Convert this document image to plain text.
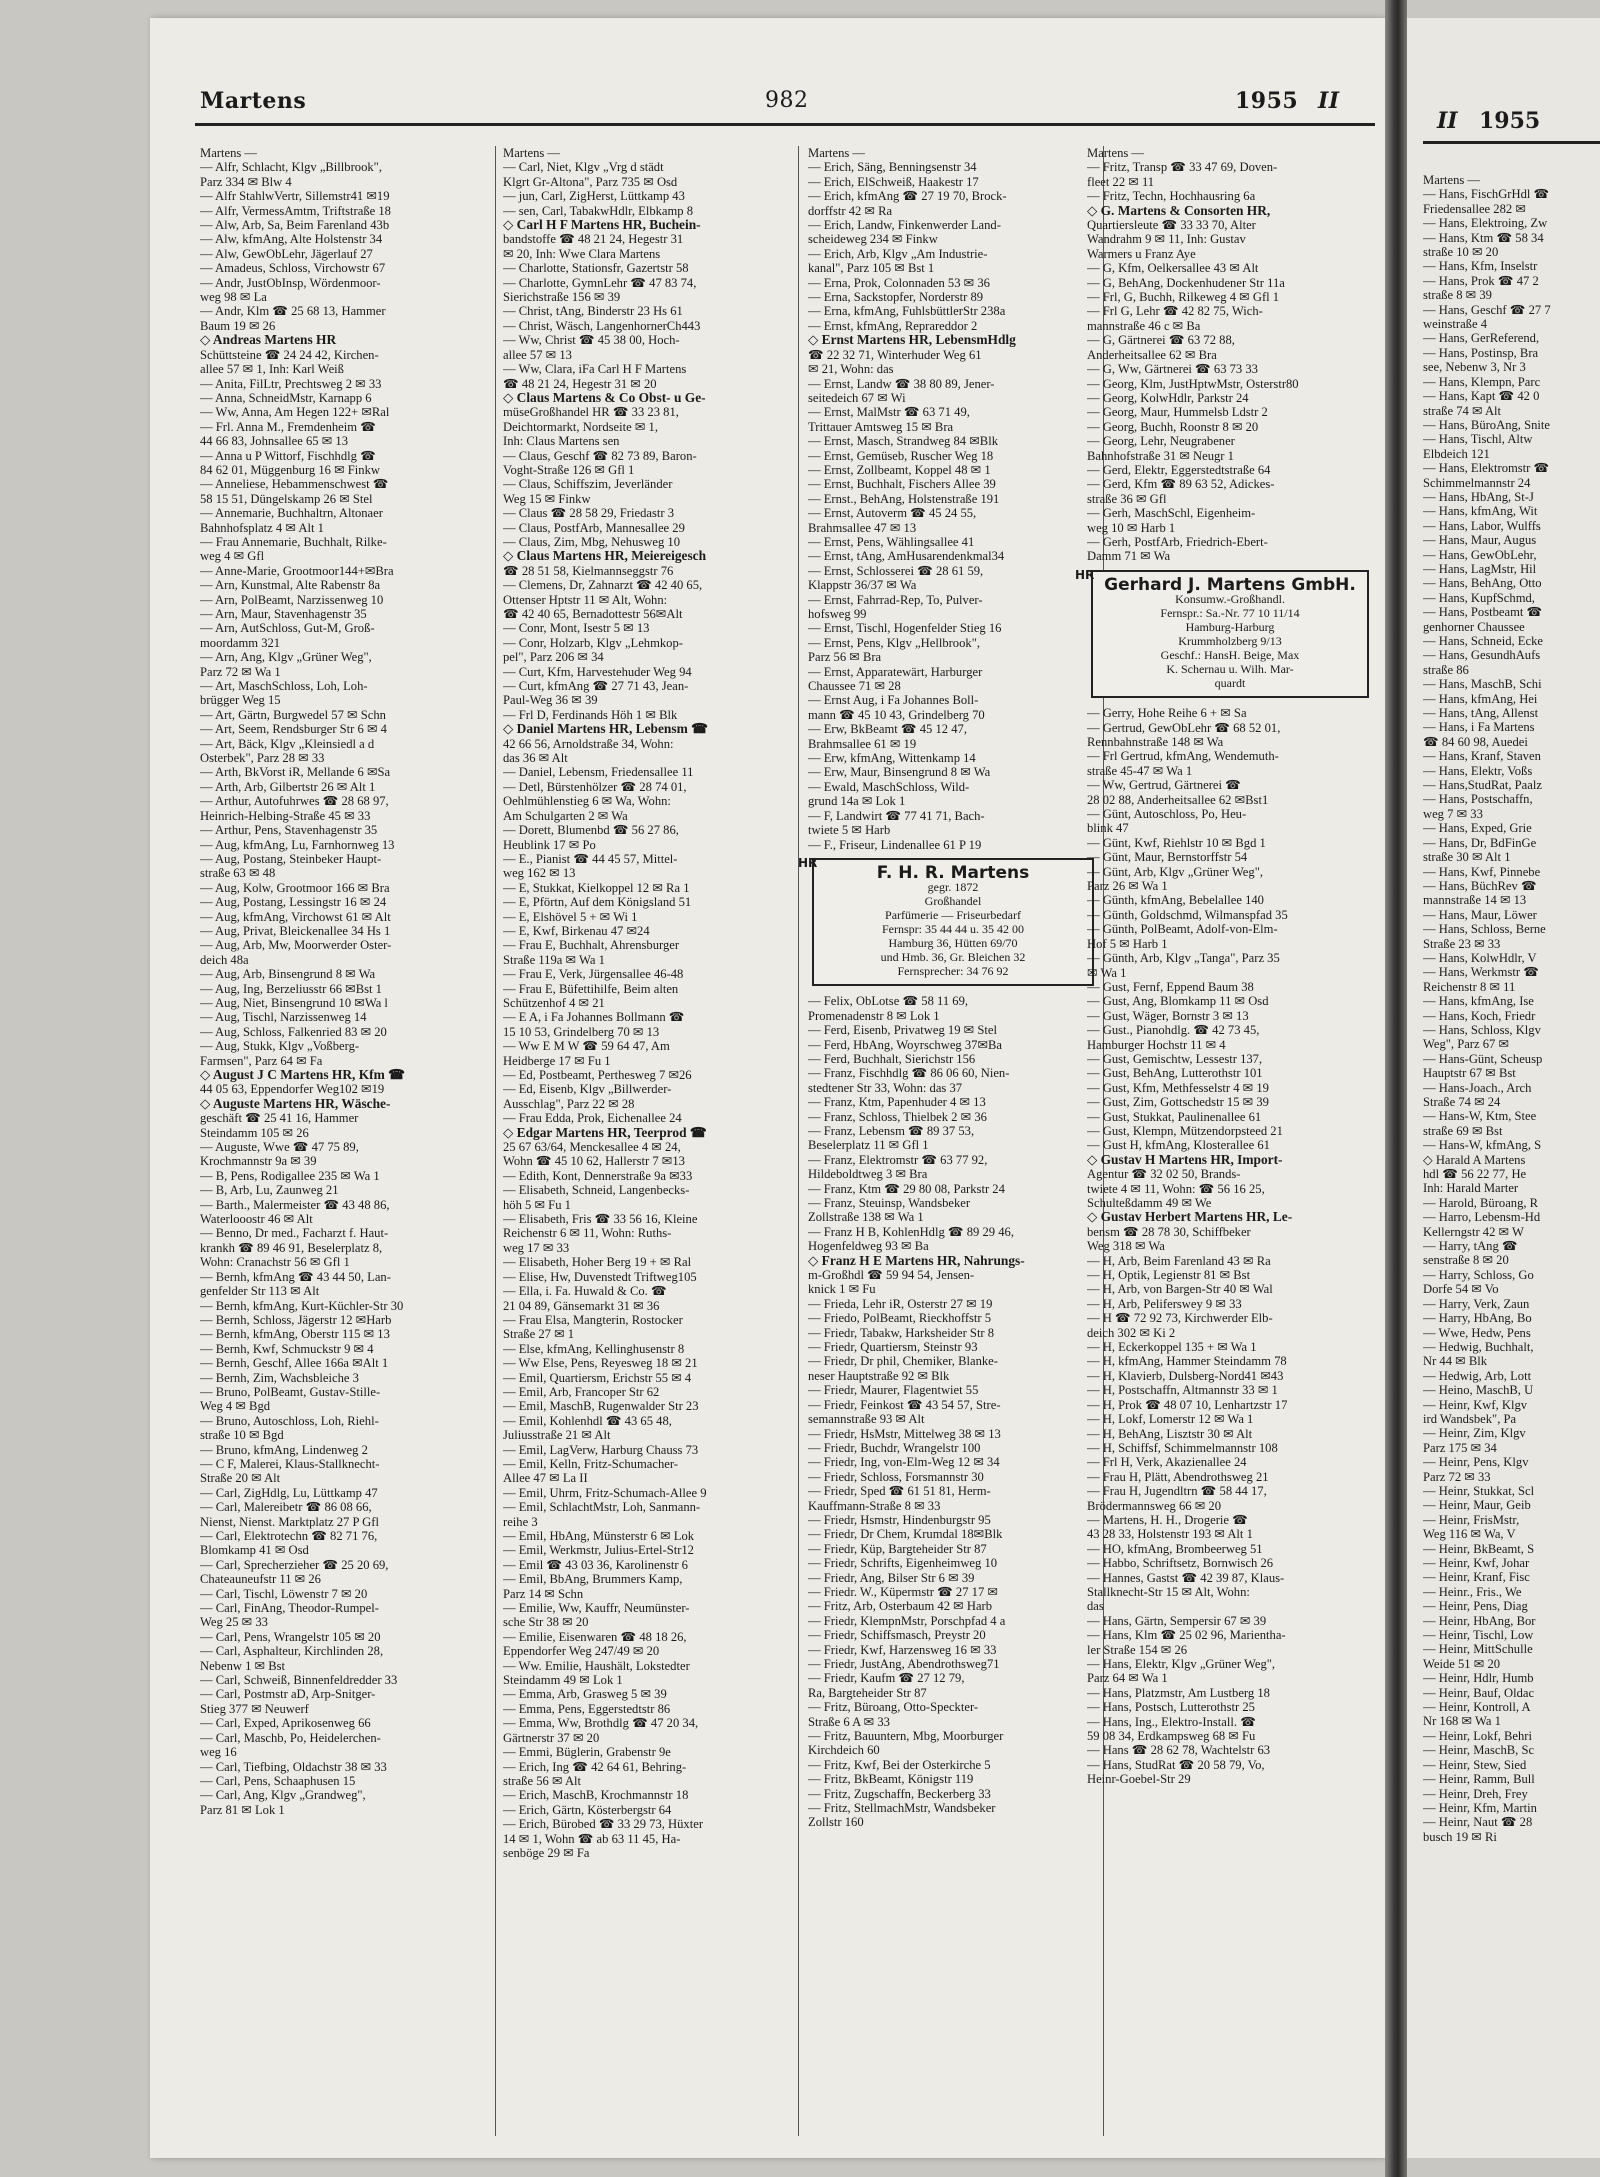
Martens	982	1955 II
Martens —
— Alfr, Schlacht, Klgv „Billbrook",
Parz 334 ✉ Blw 4
— Alfr StahlwVertr, Sillemstr41 ✉19
— Alfr, VermessAmtm, Triftstraße 18
— Alw, Arb, Sa, Beim Farenland 43b
— Alw, kfmAng, Alte Holstenstr 34
— Alw, GewObLehr, Jägerlauf 27
— Amadeus, Schloss, Virchowstr 67
— Andr, JustObInsp, Wördenmoor-
weg 98 ✉ La
— Andr, Klm ☎ 25 68 13, Hammer
Baum 19 ✉ 26
◇ Andreas Martens HR
Schüttsteine ☎ 24 24 42, Kirchen-
allee 57 ✉ 1, Inh: Karl Weiß
— Anita, FilLtr, Prechtsweg 2 ✉ 33
— Anna, SchneidMstr, Karnapp 6
— Ww, Anna, Am Hegen 122+ ✉Ral
— Frl. Anna M., Fremdenheim ☎
44 66 83, Johnsallee 65 ✉ 13
— Anna u P Wittorf, Fischhdlg ☎
84 62 01, Müggenburg 16 ✉ Finkw
— Anneliese, Hebammenschwest ☎
58 15 51, Düngelskamp 26 ✉ Stel
— Annemarie, Buchhaltrn, Altonaer
Bahnhofsplatz 4 ✉ Alt 1
— Frau Annemarie, Buchhalt, Rilke-
weg 4 ✉ Gfl
— Anne-Marie, Grootmoor144+✉Bra
— Arn, Kunstmal, Alte Rabenstr 8a
— Arn, PolBeamt, Narzissenweg 10
— Arn, Maur, Stavenhagenstr 35
— Arn, AutSchloss, Gut-M, Groß-
moordamm 321
— Arn, Ang, Klgv „Grüner Weg",
Parz 72 ✉ Wa 1
— Art, MaschSchloss, Loh, Loh-
brügger Weg 15
— Art, Gärtn, Burgwedel 57 ✉ Schn
— Art, Seem, Rendsburger Str 6 ✉ 4
— Art, Bäck, Klgv „Kleinsiedl a d
Osterbek", Parz 28 ✉ 33
— Arth, BkVorst iR, Mellande 6 ✉Sa
— Arth, Arb, Gilbertstr 26 ✉ Alt 1
— Arthur, Autofuhrwes ☎ 28 68 97,
Heinrich-Helbing-Straße 45 ✉ 33
— Arthur, Pens, Stavenhagenstr 35
— Aug, kfmAng, Lu, Farnhornweg 13
— Aug, Postang, Steinbeker Haupt-
straße 63 ✉ 48
— Aug, Kolw, Grootmoor 166 ✉ Bra
— Aug, Postang, Lessingstr 16 ✉ 24
— Aug, kfmAng, Virchowst 61 ✉ Alt
— Aug, Privat, Bleickenallee 34 Hs 1
— Aug, Arb, Mw, Moorwerder Oster-
deich 48a
— Aug, Arb, Binsengrund 8 ✉ Wa
— Aug, Ing, Berzeliusstr 66 ✉Bst 1
— Aug, Niet, Binsengrund 10 ✉Wa l
— Aug, Tischl, Narzissenweg 14
— Aug, Schloss, Falkenried 83 ✉ 20
— Aug, Stukk, Klgv „Voßberg-
Farmsen", Parz 64 ✉ Fa
◇ August J C Martens HR, Kfm ☎
44 05 63, Eppendorfer Weg102 ✉19
◇ Auguste Martens HR, Wäsche-
geschäft ☎ 25 41 16, Hammer
Steindamm 105 ✉ 26
— Auguste, Wwe ☎ 47 75 89,
Krochmannstr 9a ✉ 39
— B, Pens, Rodigallee 235 ✉ Wa 1
— B, Arb, Lu, Zaunweg 21
— Barth., Malermeister ☎ 43 48 86,
Waterlooostr 46 ✉ Alt
— Benno, Dr med., Facharzt f. Haut-
krankh ☎ 89 46 91, Beselerplatz 8,
Wohn: Cranachstr 56 ✉ Gfl 1
— Bernh, kfmAng ☎ 43 44 50, Lan-
genfelder Str 113 ✉ Alt
— Bernh, kfmAng, Kurt-Küchler-Str 30
— Bernh, Schloss, Jägerstr 12 ✉Harb
— Bernh, kfmAng, Oberstr 115 ✉ 13
— Bernh, Kwf, Schmuckstr 9 ✉ 4
— Bernh, Geschf, Allee 166a ✉Alt 1
— Bernh, Zim, Wachsbleiche 3
— Bruno, PolBeamt, Gustav-Stille-
Weg 4 ✉ Bgd
— Bruno, Autoschloss, Loh, Riehl-
straße 10 ✉ Bgd
— Bruno, kfmAng, Lindenweg 2
— C F, Malerei, Klaus-Stallknecht-
Straße 20 ✉ Alt
— Carl, ZigHdlg, Lu, Lüttkamp 47
— Carl, Malereibetr ☎ 86 08 66,
Nienst, Nienst. Marktplatz 27 P Gfl
— Carl, Elektrotechn ☎ 82 71 76,
Blomkamp 41 ✉ Osd
— Carl, Sprecherzieher ☎ 25 20 69,
Chateauneufstr 11 ✉ 26
— Carl, Tischl, Löwenstr 7 ✉ 20
— Carl, FinAng, Theodor-Rumpel-
Weg 25 ✉ 33
— Carl, Pens, Wrangelstr 105 ✉ 20
— Carl, Asphalteur, Kirchlinden 28,
Nebenw 1 ✉ Bst
— Carl, Schweiß, Binnenfeldredder 33
— Carl, Postmstr aD, Arp-Snitger-
Stieg 377 ✉ Neuwerf
— Carl, Exped, Aprikosenweg 66
— Carl, Maschb, Po, Heidelerchen-
weg 16
— Carl, Tiefbing, Oldachstr 38 ✉ 33
— Carl, Pens, Schaaphusen 15
— Carl, Ang, Klgv „Grandweg",
Parz 81 ✉ Lok 1
Martens —
— Carl, Niet, Klgv „Vrg d städt
Klgrt Gr-Altona", Parz 735 ✉ Osd
— jun, Carl, ZigHerst, Lüttkamp 43
— sen, Carl, TabakwHdlr, Elbkamp 8
◇ Carl H F Martens HR, Buchein-
bandstoffe ☎ 48 21 24, Hegestr 31
✉ 20, Inh: Wwe Clara Martens
— Charlotte, Stationsfr, Gazertstr 58
— Charlotte, GymnLehr ☎ 47 83 74,
Sierichstraße 156 ✉ 39
— Christ, tAng, Binderstr 23 Hs 61
— Christ, Wäsch, LangenhornerCh443
— Ww, Christ ☎ 45 38 00, Hoch-
allee 57 ✉ 13
— Ww, Clara, iFa Carl H F Martens
☎ 48 21 24, Hegestr 31 ✉ 20
◇ Claus Martens & Co Obst- u Ge-
müseGroßhandel HR ☎ 33 23 81,
Deichtormarkt, Nordseite ✉ 1,
Inh: Claus Martens sen
— Claus, Geschf ☎ 82 73 89, Baron-
Voght-Straße 126 ✉ Gfl 1
— Claus, Schiffszim, Jeverländer
Weg 15 ✉ Finkw
— Claus ☎ 28 58 29, Friedastr 3
— Claus, PostfArb, Mannesallee 29
— Claus, Zim, Mbg, Nehusweg 10
◇ Claus Martens HR, Meiereigesch
☎ 28 51 58, Kielmannseggstr 76
— Clemens, Dr, Zahnarzt ☎ 42 40 65,
Ottenser Hptstr 11 ✉ Alt, Wohn:
☎ 42 40 65, Bernadottestr 56✉Alt
— Conr, Mont, Isestr 5 ✉ 13
— Conr, Holzarb, Klgv „Lehmkop-
pel", Parz 206 ✉ 34
— Curt, Kfm, Harvestehuder Weg 94
— Curt, kfmAng ☎ 27 71 43, Jean-
Paul-Weg 36 ✉ 39
— Frl D, Ferdinands Höh 1 ✉ Blk
◇ Daniel Martens HR, Lebensm ☎
42 66 56, Arnoldstraße 34, Wohn:
das 36 ✉ Alt
— Daniel, Lebensm, Friedensallee 11
— Detl, Bürstenhölzer ☎ 28 74 01,
Oehlmühlenstieg 6 ✉ Wa, Wohn:
Am Schulgarten 2 ✉ Wa
— Dorett, Blumenbd ☎ 56 27 86,
Heublink 17 ✉ Po
— E., Pianist ☎ 44 45 57, Mittel-
weg 162 ✉ 13
— E, Stukkat, Kielkoppel 12 ✉ Ra 1
— E, Pförtn, Auf dem Königsland 51
— E, Elshövel 5 + ✉ Wi 1
— E, Kwf, Birkenau 47 ✉24
— Frau E, Buchhalt, Ahrensburger
Straße 119a ✉ Wa 1
— Frau E, Verk, Jürgensallee 46-48
— Frau E, Büfettihilfe, Beim alten
Schützenhof 4 ✉ 21
— E A, i Fa Johannes Bollmann ☎
15 10 53, Grindelberg 70 ✉ 13
— Ww E M W ☎ 59 64 47, Am
Heidberge 17 ✉ Fu 1
— Ed, Postbeamt, Perthesweg 7 ✉26
— Ed, Eisenb, Klgv „Billwerder-
Ausschlag", Parz 22 ✉ 28
— Frau Edda, Prok, Eichenallee 24
◇ Edgar Martens HR, Teerprod ☎
25 67 63/64, Menckesallee 4 ✉ 24,
Wohn ☎ 45 10 62, Hallerstr 7 ✉13
— Edith, Kont, Dennerstraße 9a ✉33
— Elisabeth, Schneid, Langenbecks-
höh 5 ✉ Fu 1
— Elisabeth, Fris ☎ 33 56 16, Kleine
Reichenstr 6 ✉ 11, Wohn: Ruths-
weg 17 ✉ 33
— Elisabeth, Hoher Berg 19 + ✉ Ral
— Elise, Hw, Duvenstedt Triftweg105
— Ella, i. Fa. Huwald & Co. ☎
21 04 89, Gänsemarkt 31 ✉ 36
— Frau Elsa, Mangterin, Rostocker
Straße 27 ✉ 1
— Else, kfmAng, Kellinghusenstr 8
— Ww Else, Pens, Reyesweg 18 ✉ 21
— Emil, Quartiersm, Erichstr 55 ✉ 4
— Emil, Arb, Francoper Str 62
— Emil, MaschB, Rugenwalder Str 23
— Emil, Kohlenhdl ☎ 43 65 48,
Juliusstraße 21 ✉ Alt
— Emil, LagVerw, Harburg Chauss 73
— Emil, Kelln, Fritz-Schumacher-
Allee 47 ✉ La II
— Emil, Uhrm, Fritz-Schumach-Allee 9
— Emil, SchlachtMstr, Loh, Sanmann-
reihe 3
— Emil, HbAng, Münsterstr 6 ✉ Lok
— Emil, Werkmstr, Julius-Ertel-Str12
— Emil ☎ 43 03 36, Karolinenstr 6
— Emil, BbAng, Brummers Kamp,
Parz 14 ✉ Schn
— Emilie, Ww, Kauffr, Neumünster-
sche Str 38 ✉ 20
— Emilie, Eisenwaren ☎ 48 18 26,
Eppendorfer Weg 247/49 ✉ 20
— Ww. Emilie, Haushält, Lokstedter
Steindamm 49 ✉ Lok 1
— Emma, Arb, Grasweg 5 ✉ 39
— Emma, Pens, Eggerstedtstr 86
— Emma, Ww, Brothdlg ☎ 47 20 34,
Gärtnerstr 37 ✉ 20
— Emmi, Büglerin, Grabenstr 9e
— Erich, Ing ☎ 42 64 61, Behring-
straße 56 ✉ Alt
— Erich, MaschB, Krochmannstr 18
— Erich, Gärtn, Kösterbergstr 64
— Erich, Bürobed ☎ 33 29 73, Hüxter
14 ✉ 1, Wohn ☎ ab 63 11 45, Ha-
senböge 29 ✉ Fa
Martens —
— Erich, Säng, Benningsenstr 34
— Erich, ElSchweiß, Haakestr 17
— Erich, kfmAng ☎ 27 19 70, Brock-
dorffstr 42 ✉ Ra
— Erich, Landw, Finkenwerder Land-
scheideweg 234 ✉ Finkw
— Erich, Arb, Klgv „Am Industrie-
kanal", Parz 105 ✉ Bst 1
— Erna, Prok, Colonnaden 53 ✉ 36
— Erna, Sackstopfer, Norderstr 89
— Erna, kfmAng, FuhlsbüttlerStr 238a
— Ernst, kfmAng, Reprareddor 2
◇ Ernst Martens HR, LebensmHdlg
☎ 22 32 71, Winterhuder Weg 61
✉ 21, Wohn: das
— Ernst, Landw ☎ 38 80 89, Jener-
seitedeich 67 ✉ Wi
— Ernst, MalMstr ☎ 63 71 49,
Trittauer Amtsweg 15 ✉ Bra
— Ernst, Masch, Strandweg 84 ✉Blk
— Ernst, Gemüseb, Ruscher Weg 18
— Ernst, Zollbeamt, Koppel 48 ✉ 1
— Ernst, Buchhalt, Fischers Allee 39
— Ernst., BehAng, Holstenstraße 191
— Ernst, Autoverm ☎ 45 24 55,
Brahmsallee 47 ✉ 13
— Ernst, Pens, Wählingsallee 41
— Ernst, tAng, AmHusarendenkmal34
— Ernst, Schlosserei ☎ 28 61 59,
Klappstr 36/37 ✉ Wa
— Ernst, Fahrrad-Rep, To, Pulver-
hofsweg 99
— Ernst, Tischl, Hogenfelder Stieg 16
— Ernst, Pens, Klgv „Hellbrook",
Parz 56 ✉ Bra
— Ernst, Apparatewärt, Harburger
Chaussee 71 ✉ 28
— Ernst Aug, i Fa Johannes Boll-
mann ☎ 45 10 43, Grindelberg 70
— Erw, BkBeamt ☎ 45 12 47,
Brahmsallee 61 ✉ 19
— Erw, kfmAng, Wittenkamp 14
— Erw, Maur, Binsengrund 8 ✉ Wa
— Ewald, MaschSchloss, Wild-
grund 14a ✉ Lok 1
— F, Landwirt ☎ 77 41 71, Bach-
twiete 5 ✉ Harb
— F., Friseur, Lindenallee 61 P 19
HR	F. H. R. Martens
gegr. 1872
Großhandel
Parfümerie — Friseurbedarf
Fernspr: 35 44 44 u. 35 42 00
Hamburg 36, Hütten 69/70
und Hmb. 36, Gr. Bleichen 32
Fernsprecher: 34 76 92
— Felix, ObLotse ☎ 58 11 69,
Promenadenstr 8 ✉ Lok 1
— Ferd, Eisenb, Privatweg 19 ✉ Stel
— Ferd, HbAng, Woyrschweg 37✉Ba
— Ferd, Buchhalt, Sierichstr 156
— Franz, Fischhdlg ☎ 86 06 60, Nien-
stedtener Str 33, Wohn: das 37
— Franz, Ktm, Papenhuder 4 ✉ 13
— Franz, Schloss, Thielbek 2 ✉ 36
— Franz, Lebensm ☎ 89 37 53,
Beselerplatz 11 ✉ Gfl 1
— Franz, Elektromstr ☎ 63 77 92,
Hildeboldtweg 3 ✉ Bra
— Franz, Ktm ☎ 29 80 08, Parkstr 24
— Franz, Steuinsp, Wandsbeker
Zollstraße 138 ✉ Wa 1
— Franz H B, KohlenHdlg ☎ 89 29 46,
Hogenfeldweg 93 ✉ Ba
◇ Franz H E Martens HR, Nahrungs-
m-Großhdl ☎ 59 94 54, Jensen-
knick 1 ✉ Fu
— Frieda, Lehr iR, Osterstr 27 ✉ 19
— Friedo, PolBeamt, Rieckhoffstr 5
— Friedr, Tabakw, Harksheider Str 8
— Friedr, Quartiersm, Steinstr 93
— Friedr, Dr phil, Chemiker, Blanke-
neser Hauptstraße 92 ✉ Blk
— Friedr, Maurer, Flagentwiet 55
— Friedr, Feinkost ☎ 43 54 57, Stre-
semannstraße 93 ✉ Alt
— Friedr, HsMstr, Mittelweg 38 ✉ 13
— Friedr, Buchdr, Wrangelstr 100
— Friedr, Ing, von-Elm-Weg 12 ✉ 34
— Friedr, Schloss, Forsmannstr 30
— Friedr, Sped ☎ 61 51 81, Herm-
Kauffmann-Straße 8 ✉ 33
— Friedr, Hsmstr, Hindenburgstr 95
— Friedr, Dr Chem, Krumdal 18✉Blk
— Friedr, Küp, Bargteheider Str 87
— Friedr, Schrifts, Eigenheimweg 10
— Friedr, Ang, Bilser Str 6 ✉ 39
— Friedr. W., Küpermstr ☎ 27 17 ✉
— Fritz, Arb, Osterbaum 42 ✉ Harb
— Friedr, KlempnMstr, Porschpfad 4 a
— Friedr, Schiffsmasch, Preystr 20
— Friedr, Kwf, Harzensweg 16 ✉ 33
— Friedr, JustAng, Abendrothsweg71
— Friedr, Kaufm ☎ 27 12 79,
Ra, Bargteheider Str 87
— Fritz, Büroang, Otto-Speckter-
Straße 6 A ✉ 33
— Fritz, Bauuntern, Mbg, Moorburger
Kirchdeich 60
— Fritz, Kwf, Bei der Osterkirche 5
— Fritz, BkBeamt, Königstr 119
— Fritz, Zugschaffn, Beckerberg 33
— Fritz, StellmachMstr, Wandsbeker
Zollstr 160
Martens —
— Fritz, Transp ☎ 33 47 69, Doven-
fleet 22 ✉ 11
— Fritz, Techn, Hochhausring 6a
◇ G. Martens & Consorten HR,
Quartiersleute ☎ 33 33 70, Alter
Wandrahm 9 ✉ 11, Inh: Gustav
Warmers u Franz Aye
— G, Kfm, Oelkersallee 43 ✉ Alt
— G, BehAng, Dockenhudener Str 11a
— Frl, G, Buchh, Rilkeweg 4 ✉ Gfl 1
— Frl G, Lehr ☎ 42 82 75, Wich-
mannstraße 46 c ✉ Ba
— G, Gärtnerei ☎ 63 72 88,
Anderheitsallee 62 ✉ Bra
— G, Ww, Gärtnerei ☎ 63 73 33
— Georg, Klm, JustHptwMstr, Osterstr80
— Georg, KolwHdlr, Parkstr 24
— Georg, Maur, Hummelsb Ldstr 2
— Georg, Buchh, Roonstr 8 ✉ 20
— Georg, Lehr, Neugrabener
Bahnhofstraße 31 ✉ Neugr 1
— Gerd, Elektr, Eggerstedtstraße 64
— Gerd, Kfm ☎ 89 63 52, Adickes-
straße 36 ✉ Gfl
— Gerh, MaschSchl, Eigenheim-
weg 10 ✉ Harb 1
— Gerh, PostfArb, Friedrich-Ebert-
Damm 71 ✉ Wa
HR Gerhard J. Martens GmbH.
Konsumw.-Großhandl.
Fernspr.: Sa.-Nr. 77 10 11/14
Hamburg-Harburg
Krummholzberg 9/13
Geschf.: HansH. Beige, Max
K. Schernau u. Wilh. Mar-
quardt
— Gerry, Hohe Reihe 6 + ✉ Sa
— Gertrud, GewObLehr ☎ 68 52 01,
Rennbahnstraße 148 ✉ Wa
— Frl Gertrud, kfmAng, Wendemuth-
straße 45-47 ✉ Wa 1
— Ww, Gertrud, Gärtnerei ☎
28 02 88, Anderheitsallee 62 ✉Bst1
— Günt, Autoschloss, Po, Heu-
blink 47
— Günt, Kwf, Riehlstr 10 ✉ Bgd 1
— Günt, Maur, Bernstorffstr 54
— Günt, Arb, Klgv „Grüner Weg",
Parz 26 ✉ Wa 1
— Günth, kfmAng, Bebelallee 140
— Günth, Goldschmd, Wilmanspfad 35
— Günth, PolBeamt, Adolf-von-Elm-
Hof 5 ✉ Harb 1
— Günth, Arb, Klgv „Tanga", Parz 35
✉ Wa 1
— Gust, Fernf, Eppend Baum 38
— Gust, Ang, Blomkamp 11 ✉ Osd
— Gust, Wäger, Bornstr 3 ✉ 13
— Gust., Pianohdlg. ☎ 42 73 45,
Hamburger Hochstr 11 ✉ 4
— Gust, Gemischtw, Lessestr 137,
— Gust, BehAng, Lutterothstr 101
— Gust, Kfm, Methfesselstr 4 ✉ 19
— Gust, Zim, Gottschedstr 15 ✉ 39
— Gust, Stukkat, Paulinenallee 61
— Gust, Klempn, Mützendorpsteed 21
— Gust H, kfmAng, Klosterallee 61
◇ Gustav H Martens HR, Import-
Agentur ☎ 32 02 50, Brands-
twiete 4 ✉ 11, Wohn: ☎ 56 16 25,
Schulteßdamm 49 ✉ We
◇ Gustav Herbert Martens HR, Le-
bensm ☎ 28 78 30, Schiffbeker
Weg 318 ✉ Wa
— H, Arb, Beim Farenland 43 ✉ Ra
— H, Optik, Legienstr 81 ✉ Bst
— H, Arb, von Bargen-Str 40 ✉ Wal
— H, Arb, Peliferswey 9 ✉ 33
— H ☎ 72 92 73, Kirchwerder Elb-
deich 302 ✉ Ki 2
— H, Eckerkoppel 135 + ✉ Wa 1
— H, kfmAng, Hammer Steindamm 78
— H, Klavierb, Dulsberg-Nord41 ✉43
— H, Postschaffn, Altmannstr 33 ✉ 1
— H, Prok ☎ 48 07 10, Lenhartzstr 17
— H, Lokf, Lomerstr 12 ✉ Wa 1
— H, BehAng, Lisztstr 30 ✉ Alt
— H, Schiffsf, Schimmelmannstr 108
— Frl H, Verk, Akazienallee 24
— Frau H, Plätt, Abendrothsweg 21
— Frau H, Jugendltrn ☎ 58 44 17,
Brödermannsweg 66 ✉ 20
— Martens, H. H., Drogerie ☎
43 28 33, Holstenstr 193 ✉ Alt 1
— HO, kfmAng, Brombeerweg 51
— Habbo, Schriftsetz, Bornwisch 26
— Hannes, Gastst ☎ 42 39 87, Klaus-
Stallknecht-Str 15 ✉ Alt, Wohn:
das
— Hans, Gärtn, Sempersir 67 ✉ 39
— Hans, Klm ☎ 25 02 96, Marientha-
ler Straße 154 ✉ 26
— Hans, Elektr, Klgv „Grüner Weg",
Parz 64 ✉ Wa 1
— Hans, Platzmstr, Am Lustberg 18
— Hans, Postsch, Lutterothstr 25
— Hans, Ing., Elektro-Install. ☎
59 08 34, Erdkampsweg 68 ✉ Fu
— Hans ☎ 28 62 78, Wachtelstr 63
— Hans, StudRat ☎ 20 58 79, Vo,
Heinr-Goebel-Str 29
II 1955
Martens —
— Hans, FischGrHdl ☎
Friedensallee 282 ✉
— Hans, Elektroing, Zw
— Hans, Ktm ☎ 58 34
straße 10 ✉ 20
— Hans, Kfm, Inselstr
— Hans, Prok ☎ 47 2
straße 8 ✉ 39
— Hans, Geschf ☎ 27 7
weinstraße 4
— Hans, GerReferend,
— Hans, Postinsp, Bra
see, Nebenw 3, Nr 3
— Hans, Klempn, Parc
— Hans, Kapt ☎ 42 0
straße 74 ✉ Alt
— Hans, BüroAng, Snite
— Hans, Tischl, Altw
Elbdeich 121
— Hans, Elektromstr ☎
Schimmelmannstr 24
— Hans, HbAng, St-J
— Hans, kfmAng, Wit
— Hans, Labor, Wulffs
— Hans, Maur, Augus
— Hans, GewObLehr,
— Hans, LagMstr, Hil
— Hans, BehAng, Otto
— Hans, KupfSchmd,
— Hans, Postbeamt ☎
genhorner Chaussee
— Hans, Schneid, Ecke
— Hans, GesundhAufs
straße 86
— Hans, MaschB, Schi
— Hans, kfmAng, Hei
— Hans, tAng, Allenst
— Hans, i Fa Martens
☎ 84 60 98, Auedei
— Hans, Kranf, Staven
— Hans, Elektr, Voßs
— Hans,StudRat, Paalz
— Hans, Postschaffn,
weg 7 ✉ 33
— Hans, Exped, Grie
— Hans, Dr, BdFinGe
straße 30 ✉ Alt 1
— Hans, Kwf, Pinnebe
— Hans, BüchRev ☎
mannstraße 14 ✉ 13
— Hans, Maur, Löwer
— Hans, Schloss, Berne
Straße 23 ✉ 33
— Hans, KolwHdlr, V
— Hans, Werkmstr ☎
Reichenstr 8 ✉ 11
— Hans, kfmAng, Ise
— Hans, Koch, Friedr
— Hans, Schloss, Klgv
Weg", Parz 67 ✉
— Hans-Günt, Scheusp
Hauptstr 67 ✉ Bst
— Hans-Joach., Arch
Straße 74 ✉ 24
— Hans-W, Ktm, Stee
straße 69 ✉ Bst
— Hans-W, kfmAng, S
◇ Harald A Martens
hdl ☎ 56 22 77, He
Inh: Harald Marter
— Harold, Büroang, R
— Harro, Lebensm-Hd
Kellerngstr 42 ✉ W
— Harry, tAng ☎
senstraße 8 ✉ 20
— Harry, Schloss, Go
Dorfe 54 ✉ Vo
— Harry, Verk, Zaun
— Harry, HbAng, Bo
— Wwe, Hedw, Pens
— Hedwig, Buchhalt,
Nr 44 ✉ Blk
— Hedwig, Arb, Lott
— Heino, MaschB, U
— Heinr, Kwf, Klgv
ird Wandsbek", Pa
— Heinr, Zim, Klgv
Parz 175 ✉ 34
— Heinr, Pens, Klgv
Parz 72 ✉ 33
— Heinr, Stukkat, Scl
— Heinr, Maur, Geib
— Heinr, FrisMstr,
Weg 116 ✉ Wa, V
— Heinr, BkBeamt, S
— Heinr, Kwf, Johar
— Heinr, Kranf, Fisc
— Heinr., Fris., We
— Heinr, Pens, Diag
— Heinr, HbAng, Bor
— Heinr, Tischl, Low
— Heinr, MittSchulle
Weide 51 ✉ 20
— Heinr, Hdlr, Humb
— Heinr, Bauf, Oldac
— Heinr, Kontroll, A
Nr 168 ✉ Wa 1
— Heinr, Lokf, Behri
— Heinr, MaschB, Sc
— Heinr, Stew, Sied
— Heinr, Ramm, Bull
— Heinr, Dreh, Frey
— Heinr, Kfm, Martin
— Heinr, Naut ☎ 28
busch 19 ✉ Ri
